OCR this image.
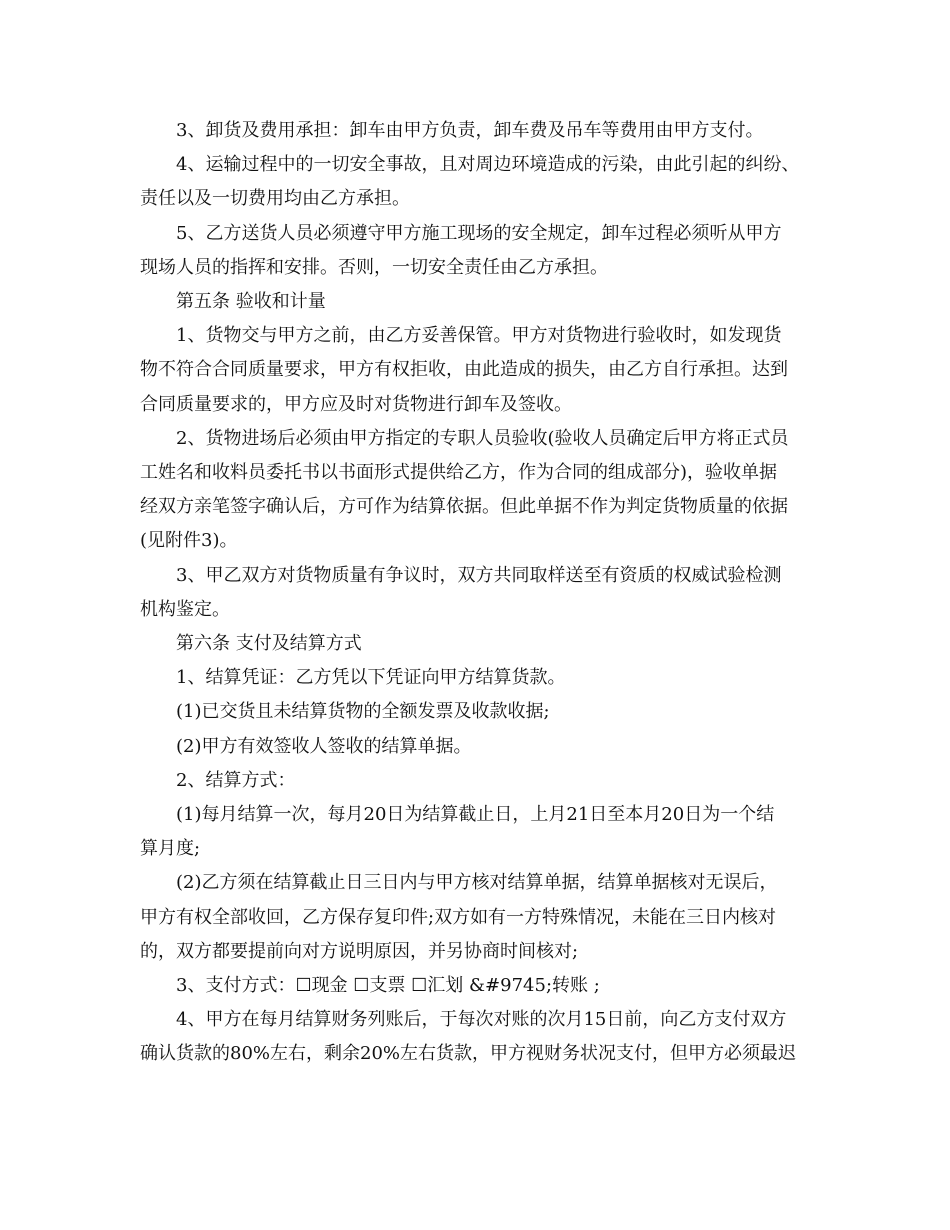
3、卸货及费用承担：卸车由甲方负责，卸车费及吊车等费用由甲方支付。

4、运输过程中的一切安全事故，且对周边环境造成的污染，由此引起的纠纷、
责任以及一切费用均由乙方承担。

5、乙方送货人员必须遵守甲方施工现场的安全规定，卸车过程必须听从甲方
现场人员的指挥和安排。否则，一切安全责任由乙方承担。

第五条 验收和计量

1、货物交与甲方之前，由乙方妥善保管。甲方对货物进行验收时，如发现货
物不符合合同质量要求，甲方有权拒收，由此造成的损失，由乙方自行承担。达到
合同质量要求的，甲方应及时对货物进行卸车及签收。

2、货物进场后必须由甲方指定的专职人员验收(验收人员确定后甲方将正式员
工姓名和收料员委托书以书面形式提供给乙方，作为合同的组成部分)，验收单据
经双方亲笔签字确认后，方可作为结算依据。但此单据不作为判定货物质量的依据
(见附件3)。

3、甲乙双方对货物质量有争议时，双方共同取样送至有资质的权威试验检测
机构鉴定。

第六条 支付及结算方式

1、结算凭证：乙方凭以下凭证向甲方结算货款。

(1)已交货且未结算货物的全额发票及收款收据;

(2)甲方有效签收人签收的结算单据。

2、结算方式：

(1)每月结算一次，每月20日为结算截止日，上月21日至本月20日为一个结
算月度;

(2)乙方须在结算截止日三日内与甲方核对结算单据，结算单据核对无误后，
甲方有权全部收回，乙方保存复印件;双方如有一方特殊情况，未能在三日内核对
的，双方都要提前向对方说明原因，并另协商时间核对;

3、支付方式：☐现金 ☐支票 ☐汇划 &#9745;转账 ;

4、甲方在每月结算财务列账后，于每次对账的次月15日前，向乙方支付双方
确认货款的80%左右，剩余20%左右货款，甲方视财务状况支付，但甲方必须最迟
